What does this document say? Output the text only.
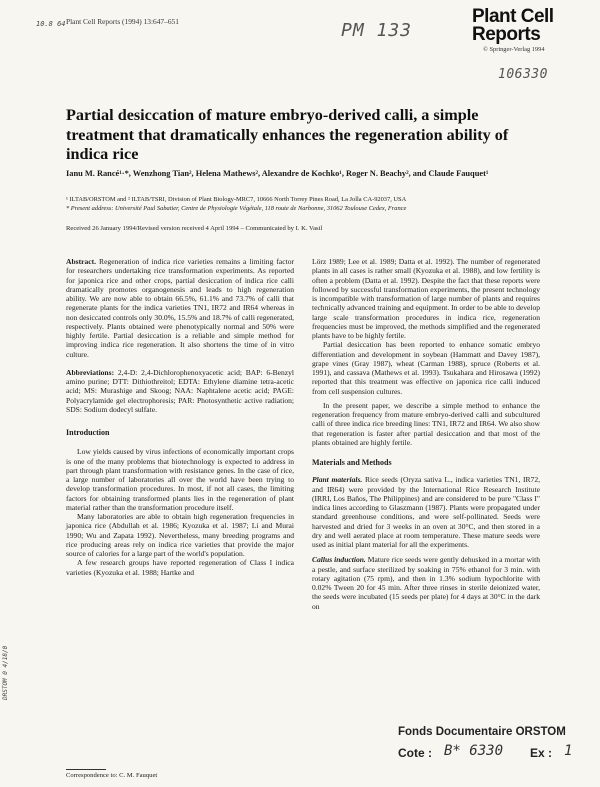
10.8 64 Plant Cell Reports (1994) 13:647–651	PM 133
Plant Cell
Reports
© Springer-Verlag 1994
106330
Partial desiccation of mature embryo-derived calli, a simple treatment that dramatically enhances the regeneration ability of indica rice
Ianu M. Rancé¹·*, Wenzhong Tian², Helena Mathews², Alexandre de Kochko¹, Roger N. Beachy², and Claude Fauquet¹
¹ ILTAB/ORSTOM and ² ILTAB/TSRI, Division of Plant Biology-MRC7, 10666 North Torrey Pines Road, La Jolla CA-92037, USA
* Present address: Université Paul Sabatier, Centre de Physiologie Végétale, 118 route de Narbonne, 31062 Toulouse Cedex, France
Received 26 January 1994/Revised version received 4 April 1994 – Communicated by I. K. Vasil

Abstract. Regeneration of indica rice varieties remains a limiting factor for researchers undertaking rice transformation experiments. As reported for japonica rice and other crops, partial desiccation of indica rice calli dramatically promotes organogenesis and leads to high regeneration ability. We are now able to obtain 66.5%, 61.1% and 73.7% of calli that regenerate plants for the indica varieties TN1, IR72 and IR64 whereas in non desiccated controls only 30.0%, 15.5% and 18.7% of calli regenerated, respectively. Plants obtained were phenotypically normal and 50% were highly fertile. Partial desiccation is a reliable and simple method for improving indica rice regeneration. It also shortens the time of in vitro culture.

Abbreviations: 2,4-D: 2,4-Dichlorophenoxyacetic acid; BAP: 6-Benzyl amino purine; DTT: Dithiothreitol; EDTA: Ethylene diamine tetra-acetic acid; MS: Murashige and Skoog; NAA: Naphtalene acetic acid; PAGE: Polyacrylamide gel electrophoresis; PAR: Photosynthetic active radiation; SDS: Sodium dodecyl sulfate.

Introduction

Low yields caused by virus infections of economically important crops is one of the many problems that biotechnology is expected to address in part through plant transformation with resistance genes. In the case of rice, a large number of laboratories all over the world have been trying to develop transformation procedures. In most, if not all cases, the limiting factors for obtaining transformed plants lies in the regeneration of plant material rather than the transformation procedure itself.

Many laboratories are able to obtain high regeneration frequencies in japonica rice (Abdullah et al. 1986; Kyozuka et al. 1987; Li and Murai 1990; Wu and Zapata 1992). Nevertheless, many breeding programs and rice producing areas rely on indica rice varieties that provide the major source of calories for a large part of the world's population.

A few research groups have reported regeneration of Class I indica varieties (Kyozuka et al. 1988; Hartke and

Correspondence to: C. M. Fauquet

Lörz 1989; Lee et al. 1989; Datta et al. 1992). The number of regenerated plants in all cases is rather small (Kyozuka et al. 1988), and low fertility is often a problem (Datta et al. 1992). Despite the fact that these reports were followed by successful transformation experiments, the present technology is incompatible with transformation of large number of plants and requires technically advanced training and equipment. In order to be able to develop large scale transformation procedures in indica rice, regeneration frequencies must be improved, the methods simplified and the regenerated plants have to be highly fertile.

Partial desiccation has been reported to enhance somatic embryo differentiation and development in soybean (Hammatt and Davey 1987), grape vines (Gray 1987), wheat (Carman 1988), spruce (Roberts et al. 1991), and cassava (Mathews et al. 1993). Tsukahara and Hirosawa (1992) reported that this treatment was effective on japonica rice calli induced from cell suspension cultures.

In the present paper, we describe a simple method to enhance the regeneration frequency from mature embryo-derived calli and subcultured calli of three indica rice breeding lines: TN1, IR72 and IR64. We also show that regeneration is faster after partial desiccation and that most of the plants obtained are highly fertile.

Materials and Methods

Plant materials. Rice seeds (Oryza sativa L., indica varieties TN1, IR72, and IR64) were provided by the International Rice Research Institute (IRRI, Los Baños, The Philippines) and are considered to be pure "Class I" indica lines according to Glaszmann (1987). Plants were propagated under standard greenhouse conditions, and were self-pollinated. Seeds were harvested and dried for 3 weeks in an oven at 30°C, and then stored in a dry and well aerated place at room temperature. These mature seeds were used as initial plant material for all the experiments.

Callus induction. Mature rice seeds were gently dehusked in a mortar with a pestle, and surface sterilized by soaking in 75% ethanol for 3 min. with rotary agitation (75 rpm), and then in 1.3% sodium hypochlorite with 0.02% Tween 20 for 45 min. After three rinses in sterile deionized water, the seeds were incubated (15 seeds per plate) for 4 days at 30°C in the dark on

Fonds Documentaire ORSTOM
Cote : B* 6330 Ex : 1
DRSTOM 0 4/18/0
